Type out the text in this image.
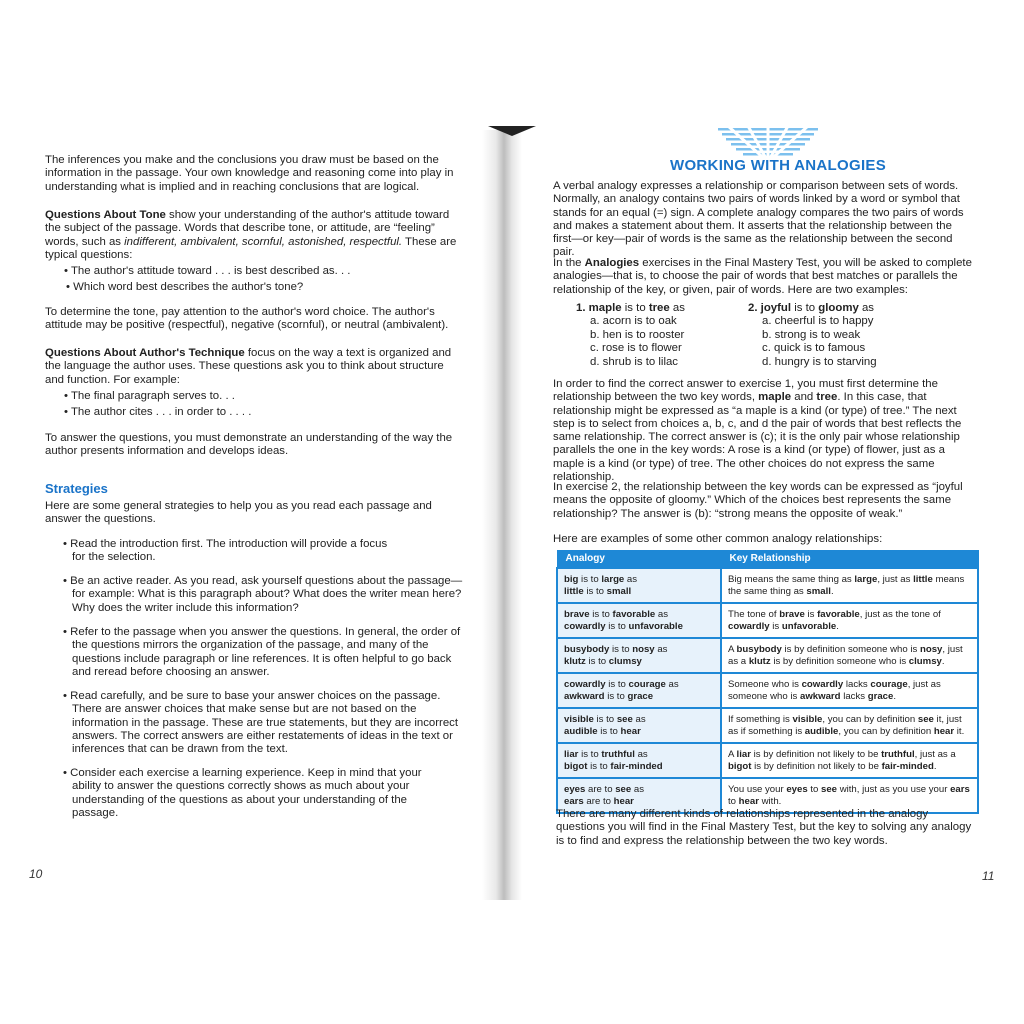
The inferences you make and the conclusions you draw must be based on the information in the passage. Your own knowledge and reasoning come into play in understanding what is implied and in reaching conclusions that are logical.

Questions About Tone show your understanding of the author's attitude toward the subject of the passage. Words that describe tone, or attitude, are “feeling” words, such as indifferent, ambivalent, scornful, astonished, respectful. These are typical questions:

• The author's attitude toward . . . is best described as. . .
• Which word best describes the author's tone?

To determine the tone, pay attention to the author's word choice. The author's attitude may be positive (respectful), negative (scornful), or neutral (ambivalent).

Questions About Author's Technique focus on the way a text is organized and the language the author uses. These questions ask you to think about structure and function. For example:

• The final paragraph serves to. . .
• The author cites . . . in order to . . . .

To answer the questions, you must demonstrate an understanding of the way the author presents information and develops ideas.

Strategies

Here are some general strategies to help you as you read each passage and answer the questions.

• Read the introduction first. The introduction will provide a focus for the selection.

• Be an active reader. As you read, ask yourself questions about the passage—for example: What is this paragraph about? What does the writer mean here? Why does the writer include this information?

• Refer to the passage when you answer the questions. In general, the order of the questions mirrors the organization of the passage, and many of the questions include paragraph or line references. It is often helpful to go back and reread before choosing an answer.

• Read carefully, and be sure to base your answer choices on the passage. There are answer choices that make sense but are not based on the information in the passage. These are true statements, but they are incorrect answers. The correct answers are either restatements of ideas in the text or inferences that can be drawn from the text.

• Consider each exercise a learning experience. Keep in mind that your ability to answer the questions correctly shows as much about your understanding of the questions as about your understanding of the passage.

10
WORKING WITH ANALOGIES

A verbal analogy expresses a relationship or comparison between sets of words. Normally, an analogy contains two pairs of words linked by a word or symbol that stands for an equal (=) sign. A complete analogy compares the two pairs of words and makes a statement about them. It asserts that the relationship between the first—or key—pair of words is the same as the relationship between the second pair.

In the Analogies exercises in the Final Mastery Test, you will be asked to complete analogies—that is, to choose the pair of words that best matches or parallels the relationship of the key, or given, pair of words. Here are two examples:

1. maple is to tree as
a. acorn is to oak
b. hen is to rooster
c. rose is to flower
d. shrub is to lilac
2. joyful is to gloomy as
a. cheerful is to happy
b. strong is to weak
c. quick is to famous
d. hungry is to starving

In order to find the correct answer to exercise 1, you must first determine the relationship between the two key words, maple and tree. In this case, that relationship might be expressed as “a maple is a kind (or type) of tree.” The next step is to select from choices a, b, c, and d the pair of words that best reflects the same relationship. The correct answer is (c); it is the only pair whose relationship parallels the one in the key words: A rose is a kind (or type) of flower, just as a maple is a kind (or type) of tree. The other choices do not express the same relationship.

In exercise 2, the relationship between the key words can be expressed as “joyful means the opposite of gloomy.” Which of the choices best represents the same relationship? The answer is (b): “strong means the opposite of weak.”

Here are examples of some other common analogy relationships:

Analogy	Key Relationship

big is to large as
little is to small	Big means the same thing as large, just as little means the same thing as small.

brave is to favorable as
cowardly is to unfavorable	The tone of brave is favorable, just as the tone of cowardly is unfavorable.

busybody is to nosy as
klutz is to clumsy	A busybody is by definition someone who is nosy, just as a klutz is by definition someone who is clumsy.

cowardly is to courage as
awkward is to grace	Someone who is cowardly lacks courage, just as someone who is awkward lacks grace.

visible is to see as
audible is to hear	If something is visible, you can by definition see it, just as if something is audible, you can by definition hear it.

liar is to truthful as
bigot is to fair-minded	A liar is by definition not likely to be truthful, just as a bigot is by definition not likely to be fair-minded.

eyes are to see as
ears are to hear	You use your eyes to see with, just as you use your ears to hear with.

There are many different kinds of relationships represented in the analogy questions you will find in the Final Mastery Test, but the key to solving any analogy is to find and express the relationship between the two key words.

11
